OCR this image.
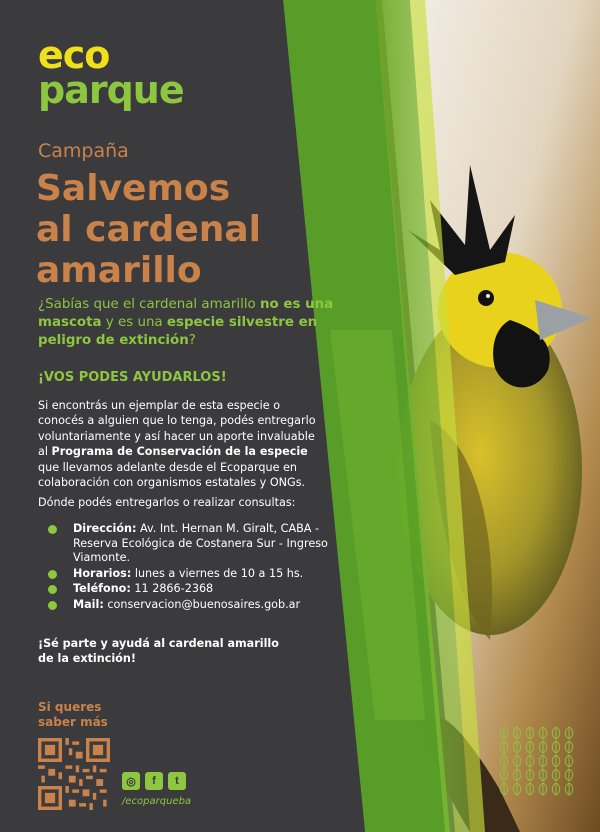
eco
parque
Campaña
Salvemos
al cardenal
amarillo

¿Sabías que el cardenal amarillo no es una mascota y es una especie silvestre en peligro de extinción?

¡VOS PODES AYUDARLOS!

Si encontrás un ejemplar de esta especie o conocés a alguien que lo tenga, podés entregarlo voluntariamente y así hacer un aporte invaluable al Programa de Conservación de la especie que llevamos adelante desde el Ecoparque en colaboración con organismos estatales y ONGs.

Dónde podés entregarlos o realizar consultas:
Dirección: Av. Int. Hernan M. Giralt, CABA - Reserva Ecológica de Costanera Sur - Ingreso Viamonte.
Horarios: lunes a viernes de 10 a 15 hs.
Teléfono: 11 2866-2368
Mail: conservacion@buenosaires.gob.ar
¡Sé parte y ayudá al cardenal amarillo
de la extinción!
Si queres
saber más
◎	f	t
/ecoparqueba
